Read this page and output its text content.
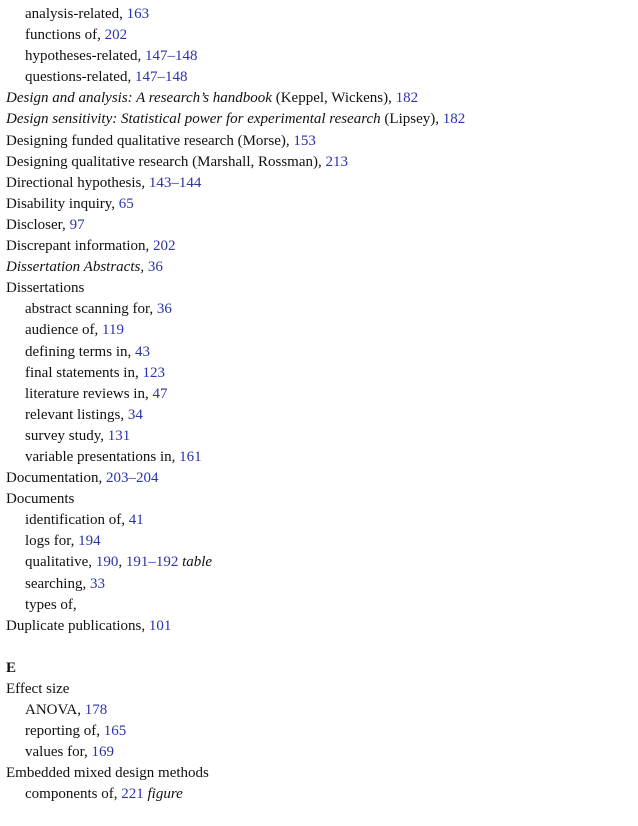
analysis-related, 163
functions of, 202
hypotheses-related, 147–148
questions-related, 147–148
Design and analysis: A research’s handbook (Keppel, Wickens), 182
Design sensitivity: Statistical power for experimental research (Lipsey), 182
Designing funded qualitative research (Morse), 153
Designing qualitative research (Marshall, Rossman), 213
Directional hypothesis, 143–144
Disability inquiry, 65
Discloser, 97
Discrepant information, 202
Dissertation Abstracts, 36
Dissertations
abstract scanning for, 36
audience of, 119
defining terms in, 43
final statements in, 123
literature reviews in, 47
relevant listings, 34
survey study, 131
variable presentations in, 161
Documentation, 203–204
Documents
identification of, 41
logs for, 194
qualitative, 190, 191–192 table
searching, 33
types of,
Duplicate publications, 101
E
Effect size
ANOVA, 178
reporting of, 165
values for, 169
Embedded mixed design methods
components of, 221 figure
